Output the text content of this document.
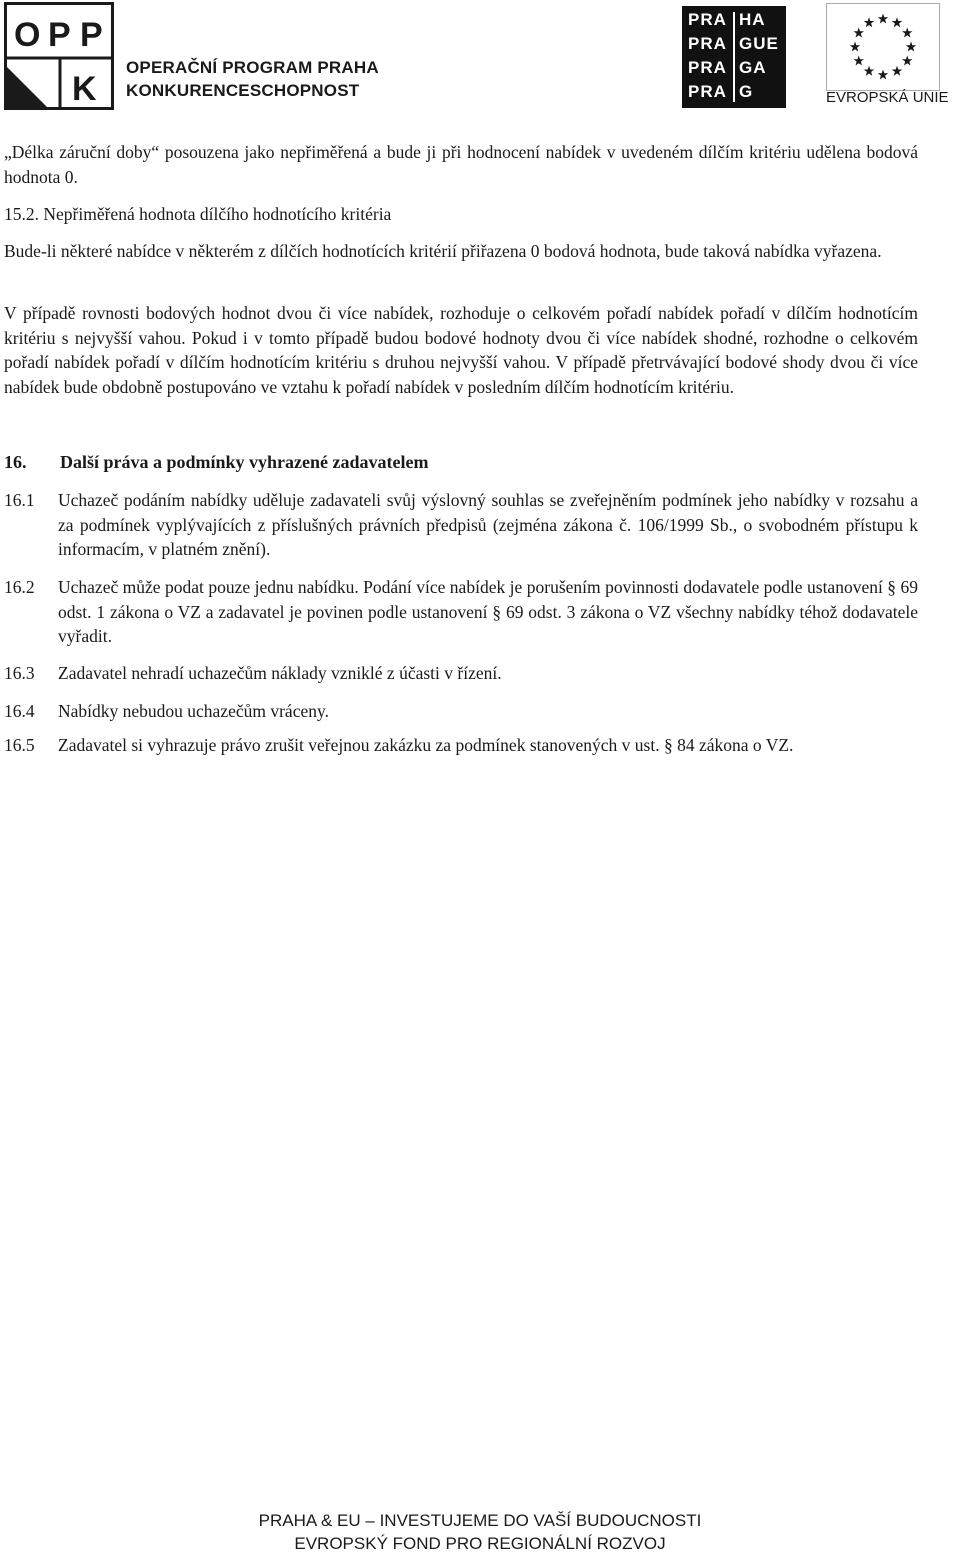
O P P
K
OPERAČNÍ PROGRAM PRAHA
KONKURENCESCHOPNOST
PRA HA
PRA GUE
PRA GA
PRA G	EVROPSKÁ UNIE

„Délka záruční doby“ posouzena jako nepřiměřená a bude ji při hodnocení nabídek v uvedeném dílčím kritériu udělena bodová hodnota 0.

15.2. Nepřiměřená hodnota dílčího hodnotícího kritéria

Bude-li některé nabídce v některém z dílčích hodnotících kritérií přiřazena 0 bodová hodnota, bude taková nabídka vyřazena.

V případě rovnosti bodových hodnot dvou či více nabídek, rozhoduje o celkovém pořadí nabídek pořadí v dílčím hodnotícím kritériu s nejvyšší vahou. Pokud i v tomto případě budou bodové hodnoty dvou či více nabídek shodné, rozhodne o celkovém pořadí nabídek pořadí v dílčím hodnotícím kritériu s druhou nejvyšší vahou. V případě přetrvávající bodové shody dvou či více nabídek bude obdobně postupováno ve vztahu k pořadí nabídek v posledním dílčím hodnotícím kritériu.

16. Další práva a podmínky vyhrazené zadavatelem
16.1	Uchazeč podáním nabídky uděluje zadavateli svůj výslovný souhlas se zveřejněním podmínek jeho nabídky v rozsahu a za podmínek vyplývajících z příslušných právních předpisů (zejména zákona č. 106/1999 Sb., o svobodném přístupu k informacím, v platném znění).
16.2	Uchazeč může podat pouze jednu nabídku. Podání více nabídek je porušením povinnosti dodavatele podle ustanovení § 69 odst. 1 zákona o VZ a zadavatel je povinen podle ustanovení § 69 odst. 3 zákona o VZ všechny nabídky téhož dodavatele vyřadit.
16.3	Zadavatel nehradí uchazečům náklady vzniklé z účasti v řízení.
16.4	Nabídky nebudou uchazečům vráceny.
16.5	Zadavatel si vyhrazuje právo zrušit veřejnou zakázku za podmínek stanovených v ust. § 84 zákona o VZ.
PRAHA & EU – INVESTUJEME DO VAŠÍ BUDOUCNOSTI
EVROPSKÝ FOND PRO REGIONÁLNÍ ROZVOJ
